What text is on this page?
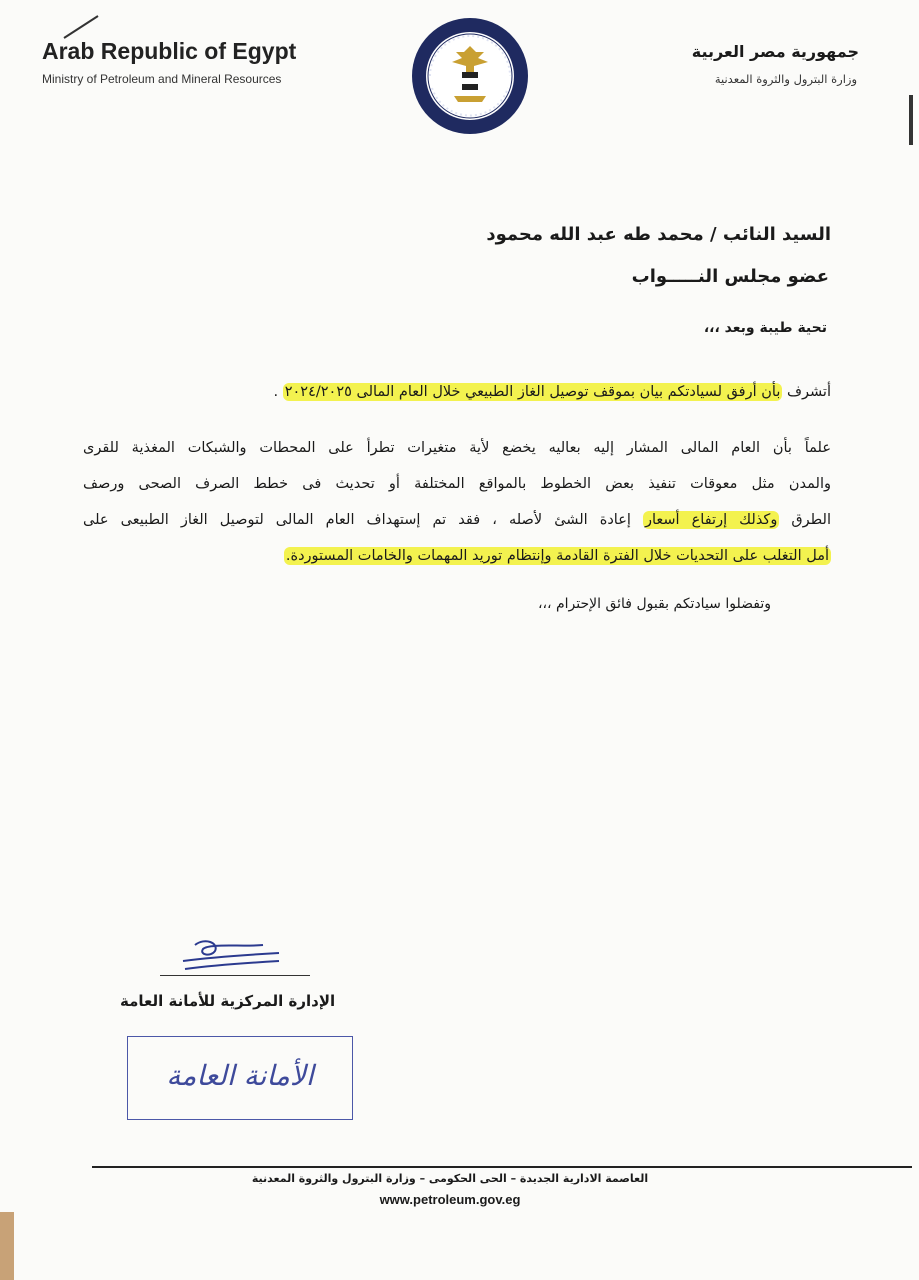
Arab Republic of Egypt
Ministry of Petroleum and Mineral Resources
جمهورية مصر العربية
وزارة البترول والثروة المعدنية
السيد النائب / محمد طه عبد الله محمود
عضو مجلس النـــــواب
تحية طيبة وبعد ،،،
أتشرف بأن أرفق لسيادتكم بيان بموقف توصيل الغاز الطبيعي خلال العام المالى ٢٠٢٤/٢٠٢٥ .
علماً بأن العام المالى المشار إليه بعاليه يخضع لأية متغيرات تطرأ على المحطات والشبكات المغذية للقرى
والمدن مثل معوقات تنفيذ بعض الخطوط بالمواقع المختلفة أو تحديث فى خطط الصرف الصحى ورصف
الطرق وكذلك إرتفاع أسعار إعادة الشئ لأصله ، فقد تم إستهداف العام المالى لتوصيل الغاز الطبيعى على
أمل التغلب على التحديات خلال الفترة القادمة وإنتظام توريد المهمات والخامات المستوردة.
وتفضلوا سيادتكم بقبول فائق الإحترام ،،،
الإدارة المركزية للأمانة العامة
الأمانة العامة
العاصمة الادارية الجديدة – الحى الحكومى – وزارة البترول والثروة المعدنية
www.petroleum.gov.eg
